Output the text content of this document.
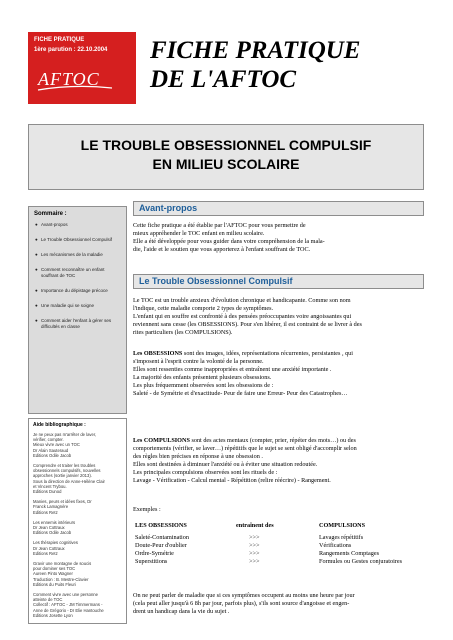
FICHE PRATIQUE
1ère parution : 22.10.2004
AFTOC
FICHE PRATIQUE
DE L'AFTOC
LE TROUBLE OBSESSIONNEL COMPULSIF
EN MILIEU SCOLAIRE
Sommaire :
● Avant-propos
● Le Trouble Obsessionnel Compulsif
● Les mécanismes de la maladie
● Comment reconnaître un enfant
souffrant de TOC
● Importance du dépistage précoce
● Une maladie qui se soigne
● Comment aider l'enfant à gérer ses
difficultés en classe
Aide bibliographique :
Je ne peux pas m'arrêter de laver,
vérifier, compter.
Mieux vivre avec un TOC
Dr Alain Sauteraud
Editions Odile Jacob
Comprendre et traiter les troubles
obsessionnels compulsifs, nouvelles
approches (sortie janvier 2013).
Sous la direction de Anne-Hélène Clair
et Vincent Trybou.
Editions Dunod
Manies, peurs et idées fixes, Dr
Franck Lamagnère
Editions Retz
Les ennemis intérieurs
Dr Jean Cottraux
Editions Odile Jacob
Les thérapies cognitives
Dr Jean Cottraux
Editions Retz
Gravir une montagne de soucis
pour dominer ses TOC
Aureen Pinto Wagner
Traduction : B. Mestre-Clavier
Editions du Puits Fleuri
Comment vivre avec une personne
atteinte de TOC
Collectif : AFTOC - JM Timmermans -
Anne de Grégorio - Dr Elie Hantouche
Editions Josette Lyon
Avant-propos
Cette fiche pratique a été établie par l'AFTOC pour vous permettre de
mieux appréhender le TOC enfant en milieu scolaire.
Elle a été développée pour vous guider dans votre compréhension de la mala-
die, l'aide et le soutien que vous apporterez à l'enfant souffrant de TOC.
Le Trouble Obsessionnel Compulsif
Le TOC est un trouble anxieux d'évolution chronique et handicapante. Comme son nom
l'indique, cette maladie comporte 2 types de symptômes.
L'enfant qui en souffre est confronté à des pensées préoccupantes voire angoissantes qui
reviennent sans cesse (les OBSESSIONS). Pour s'en libérer, il est contraint de se livrer à des
rites particuliers (les COMPULSIONS).
Les OBSESSIONS sont des images, idées, représentations récurrentes, persistantes , qui
s'imposent à l'esprit contre la volonté de la personne.
Elles sont ressenties comme inappropriées et entraînent une anxiété importante .
La majorité des enfants présentent plusieurs obsessions.
Les plus fréquemment observées sont les obsessions de :
Saleté - de Symétrie et d'exactitude- Peur de faire une Erreur- Peur des Catastrophes…
Les COMPULSIONS sont des actes mentaux (compter, prier, répéter des mots…) ou des
comportements (vérifier, se laver…) répétitifs que le sujet se sent obligé d'accomplir selon
des règles bien précises en réponse à une obsession .
Elles sont destinées à diminuer l'anxiété ou à éviter une situation redoutée.
Les principales compulsions observées sont les rituels de :
Lavage - Vérification - Calcul mental - Répétition (relire réécrire) - Rangement.
Exemples :
LES OBSESSIONS	entraînent des	COMPULSIONS
Saleté-Contamination	>>>	Lavages répétitifs
Doute-Peur d'oublier	>>>	Vérifications
Ordre-Symétrie	>>>	Rangements Comptages
Superstitions	>>>	Formules ou Gestes conjuratoires
On ne peut parler de maladie que si ces symptômes occupent au moins une heure par jour
(cela peut aller jusqu'à 6 8h par jour, parfois plus), s'ils sont source d'angoisse et engen-
drent un handicap dans la vie du sujet .
